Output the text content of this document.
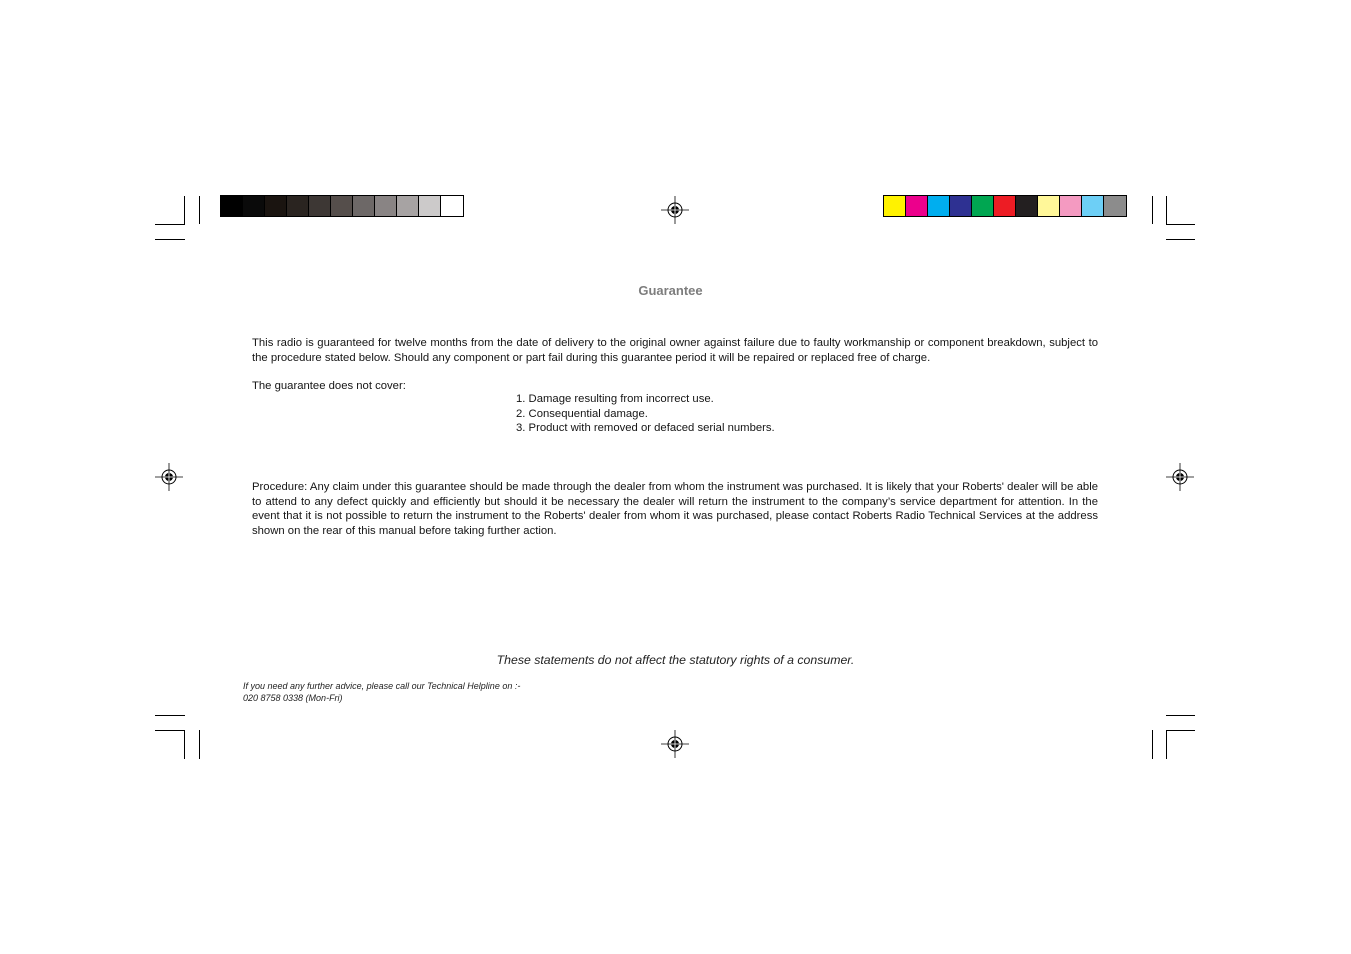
Guarantee
This radio is guaranteed for twelve months from the date of delivery to the original owner against failure due to faulty workmanship or component breakdown, subject to the procedure stated below. Should any component or part fail during this guarantee period it will be repaired or replaced free of charge.
The guarantee does not cover:
1. Damage resulting from incorrect use.
2. Consequential damage.
3. Product with removed or defaced serial numbers.
Procedure: Any claim under this guarantee should be made through the dealer from whom the instrument was purchased. It is likely that your Roberts' dealer will be able to attend to any defect quickly and efficiently but should it be necessary the dealer will return the instrument to the company’s service department for attention. In the event that it is not possible to return the instrument to the Roberts' dealer from whom it was purchased, please contact Roberts Radio Technical Services at the address shown on the rear of this manual before taking further action.
These statements do not affect the statutory rights of a consumer.
If you need any further advice, please call our Technical Helpline on :-
020 8758 0338 (Mon-Fri)
